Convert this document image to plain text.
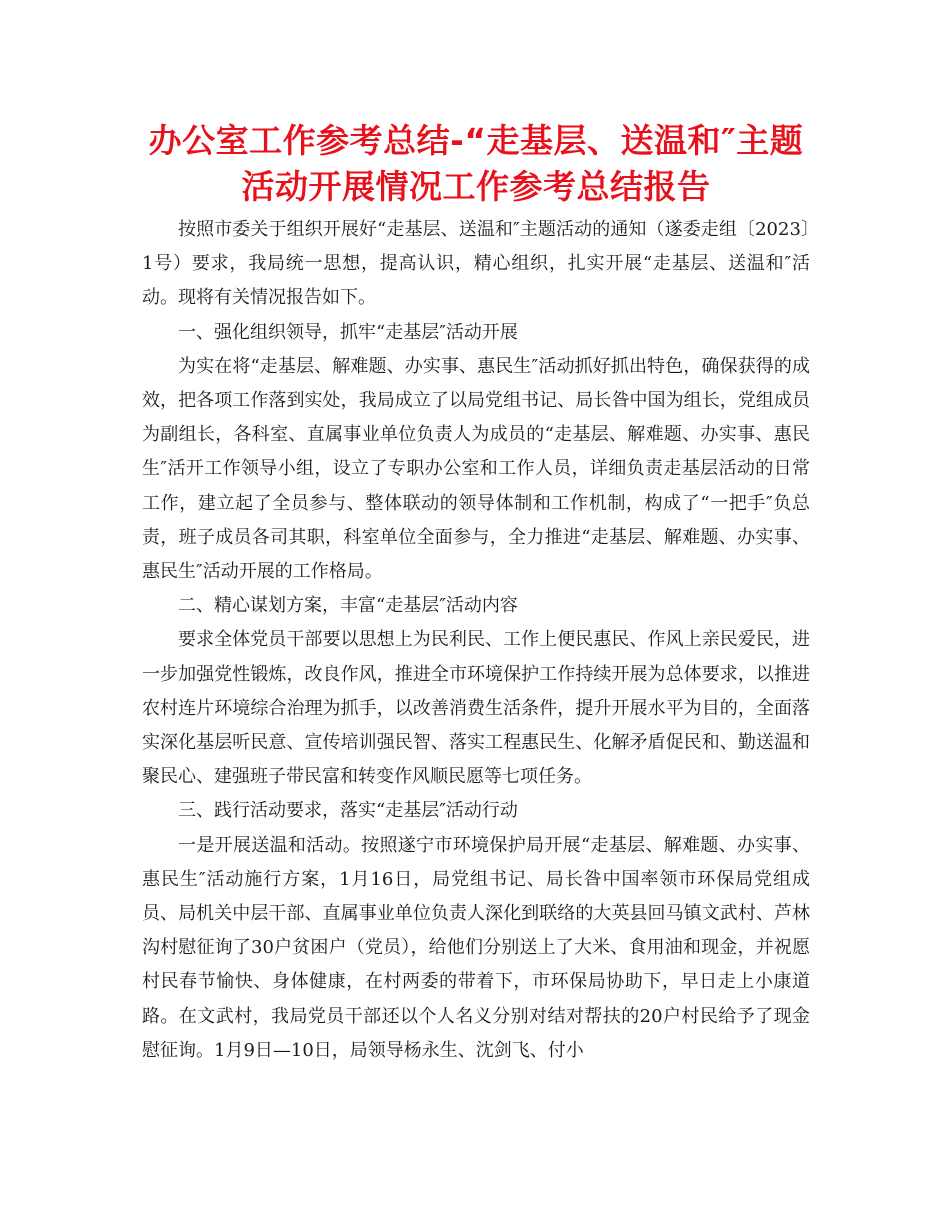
办公室工作参考总结-“走基层、送温和″主题活动开展情况工作参考总结报告

按照市委关于组织开展好“走基层、送温和″主题活动的通知（遂委走组〔2023〕1号）要求，我局统一思想，提高认识，精心组织，扎实开展“走基层、送温和″活动。现将有关情况报告如下。

一、强化组织领导，抓牢“走基层″活动开展

为实在将“走基层、解难题、办实事、惠民生″活动抓好抓出特色，确保获得的成效，把各项工作落到实处，我局成立了以局党组书记、局长昝中国为组长，党组成员为副组长，各科室、直属事业单位负责人为成员的“走基层、解难题、办实事、惠民生″活开工作领导小组，设立了专职办公室和工作人员，详细负责走基层活动的日常工作，建立起了全员参与、整体联动的领导体制和工作机制，构成了“一把手″负总责，班子成员各司其职，科室单位全面参与，全力推进“走基层、解难题、办实事、惠民生″活动开展的工作格局。

二、精心谋划方案，丰富“走基层″活动内容

要求全体党员干部要以思想上为民利民、工作上便民惠民、作风上亲民爱民，进一步加强党性锻炼，改良作风，推进全市环境保护工作持续开展为总体要求，以推进农村连片环境综合治理为抓手，以改善消费生活条件，提升开展水平为目的，全面落实深化基层听民意、宣传培训强民智、落实工程惠民生、化解矛盾促民和、勤送温和聚民心、建强班子带民富和转变作风顺民愿等七项任务。

三、践行活动要求，落实“走基层″活动行动

一是开展送温和活动。按照遂宁市环境保护局开展“走基层、解难题、办实事、惠民生″活动施行方案，1月16日，局党组书记、局长昝中国率领市环保局党组成员、局机关中层干部、直属事业单位负责人深化到联络的大英县回马镇文武村、芦林沟村慰征询了30户贫困户（党员），给他们分别送上了大米、食用油和现金，并祝愿村民春节愉快、身体健康，在村两委的带着下，市环保局协助下，早日走上小康道路。在文武村，我局党员干部还以个人名义分别对结对帮扶的20户村民给予了现金慰征询。1月9日—10日，局领导杨永生、沈剑飞、付小
